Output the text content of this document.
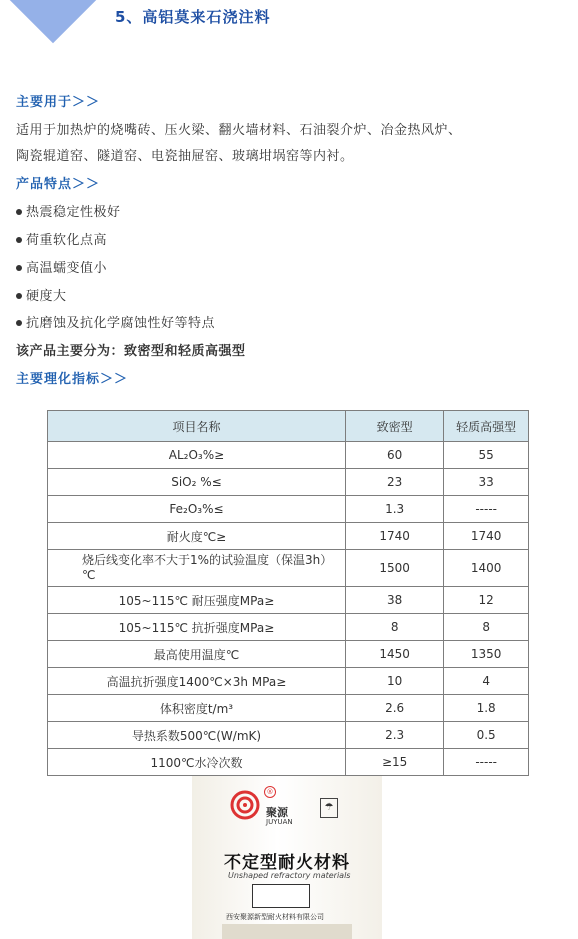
5、高铝莫来石浇注料
主要用于＞＞
适用于加热炉的烧嘴砖、压火梁、翻火墙材料、石油裂介炉、冶金热风炉、
陶瓷辊道窑、隧道窑、电瓷抽屉窑、玻璃坩埚窑等内衬。
产品特点＞＞
热震稳定性极好
荷重软化点高
高温蠕变值小
硬度大
抗磨蚀及抗化学腐蚀性好等特点
该产品主要分为：致密型和轻质高强型
主要理化指标＞＞
项目名称	致密型	轻质高强型
AL₂O₃%≥	60	55
SiO₂ %≤	23	33
Fe₂O₃%≤	1.3	-----
耐火度℃≥	1740	1740
烧后线变化率不大于1%的试验温度（保温3h）℃	1500	1400
105~115℃ 耐压强度MPa≥	38	12
105~115℃ 抗折强度MPa≥	8	8
最高使用温度℃	1450	1350
高温抗折强度1400℃×3h MPa≥	10	4
体积密度t/m³	2.6	1.8
导热系数500℃(W/mK)	2.3	0.5
1100℃水冷次数	≥15	-----
®
聚源
JUYUAN
☂
不定型耐火材料
Unshaped refractory materials
西安聚源新型耐火材料有限公司
